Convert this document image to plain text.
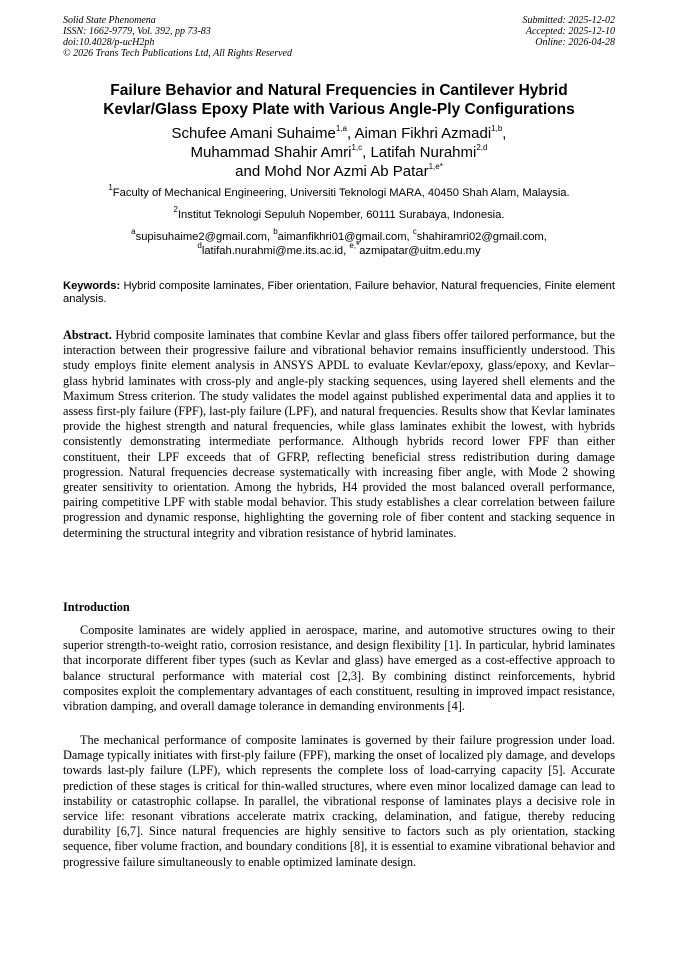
Solid State Phenomena
ISSN: 1662-9779, Vol. 392, pp 73-83
doi:10.4028/p-ucH2ph
© 2026 Trans Tech Publications Ltd, All Rights Reserved
Submitted: 2025-12-02
Accepted: 2025-12-10
Online: 2026-04-28
Failure Behavior and Natural Frequencies in Cantilever Hybrid
Kevlar/Glass Epoxy Plate with Various Angle-Ply Configurations
Schufee Amani Suhaime$^{1,a}$, Aiman Fikhri Azmadi$^{1,b}$,
Muhammad Shahir Amri$^{1,c}$, Latifah Nurahmi$^{2,d}$
and Mohd Nor Azmi Ab Patar$^{1,e*}$
$^1$Faculty of Mechanical Engineering, Universiti Teknologi MARA, 40450 Shah Alam, Malaysia.
$^2$Institut Teknologi Sepuluh Nopember, 60111 Surabaya, Indonesia.
$^a$supisuhaime2@gmail.com, $^b$aimanfikhri01@gmail.com, $^c$shahiramri02@gmail.com,
$^d$latifah.nurahmi@me.its.ac.id, $^{e,*}$azmipatar@uitm.edu.my
Keywords: Hybrid composite laminates, Fiber orientation, Failure behavior, Natural frequencies, Finite element analysis.
Abstract. Hybrid composite laminates that combine Kevlar and glass fibers offer tailored performance, but the interaction between their progressive failure and vibrational behavior remains insufficiently understood. This study employs finite element analysis in ANSYS APDL to evaluate Kevlar/epoxy, glass/epoxy, and Kevlar–glass hybrid laminates with cross-ply and angle-ply stacking sequences, using layered shell elements and the Maximum Stress criterion. The study validates the model against published experimental data and applies it to assess first-ply failure (FPF), last-ply failure (LPF), and natural frequencies. Results show that Kevlar laminates provide the highest strength and natural frequencies, while glass laminates exhibit the lowest, with hybrids consistently demonstrating intermediate performance. Although hybrids record lower FPF than either constituent, their LPF exceeds that of GFRP, reflecting beneficial stress redistribution during damage progression. Natural frequencies decrease systematically with increasing fiber angle, with Mode 2 showing greater sensitivity to orientation. Among the hybrids, H4 provided the most balanced overall performance, pairing competitive LPF with stable modal behavior. This study establishes a clear correlation between failure progression and dynamic response, highlighting the governing role of fiber content and stacking sequence in determining the structural integrity and vibration resistance of hybrid laminates.
Introduction
Composite laminates are widely applied in aerospace, marine, and automotive structures owing to their superior strength-to-weight ratio, corrosion resistance, and design flexibility [1]. In particular, hybrid laminates that incorporate different fiber types (such as Kevlar and glass) have emerged as a cost-effective approach to balance structural performance with material cost [2,3]. By combining distinct reinforcements, hybrid composites exploit the complementary advantages of each constituent, resulting in improved impact resistance, vibration damping, and overall damage tolerance in demanding environments [4].
The mechanical performance of composite laminates is governed by their failure progression under load. Damage typically initiates with first-ply failure (FPF), marking the onset of localized ply damage, and develops towards last-ply failure (LPF), which represents the complete loss of load-carrying capacity [5]. Accurate prediction of these stages is critical for thin-walled structures, where even minor localized damage can lead to instability or catastrophic collapse. In parallel, the vibrational response of laminates plays a decisive role in service life: resonant vibrations accelerate matrix cracking, delamination, and fatigue, thereby reducing durability [6,7]. Since natural frequencies are highly sensitive to factors such as ply orientation, stacking sequence, fiber volume fraction, and boundary conditions [8], it is essential to examine vibrational behavior and progressive failure simultaneously to enable optimized laminate design.
